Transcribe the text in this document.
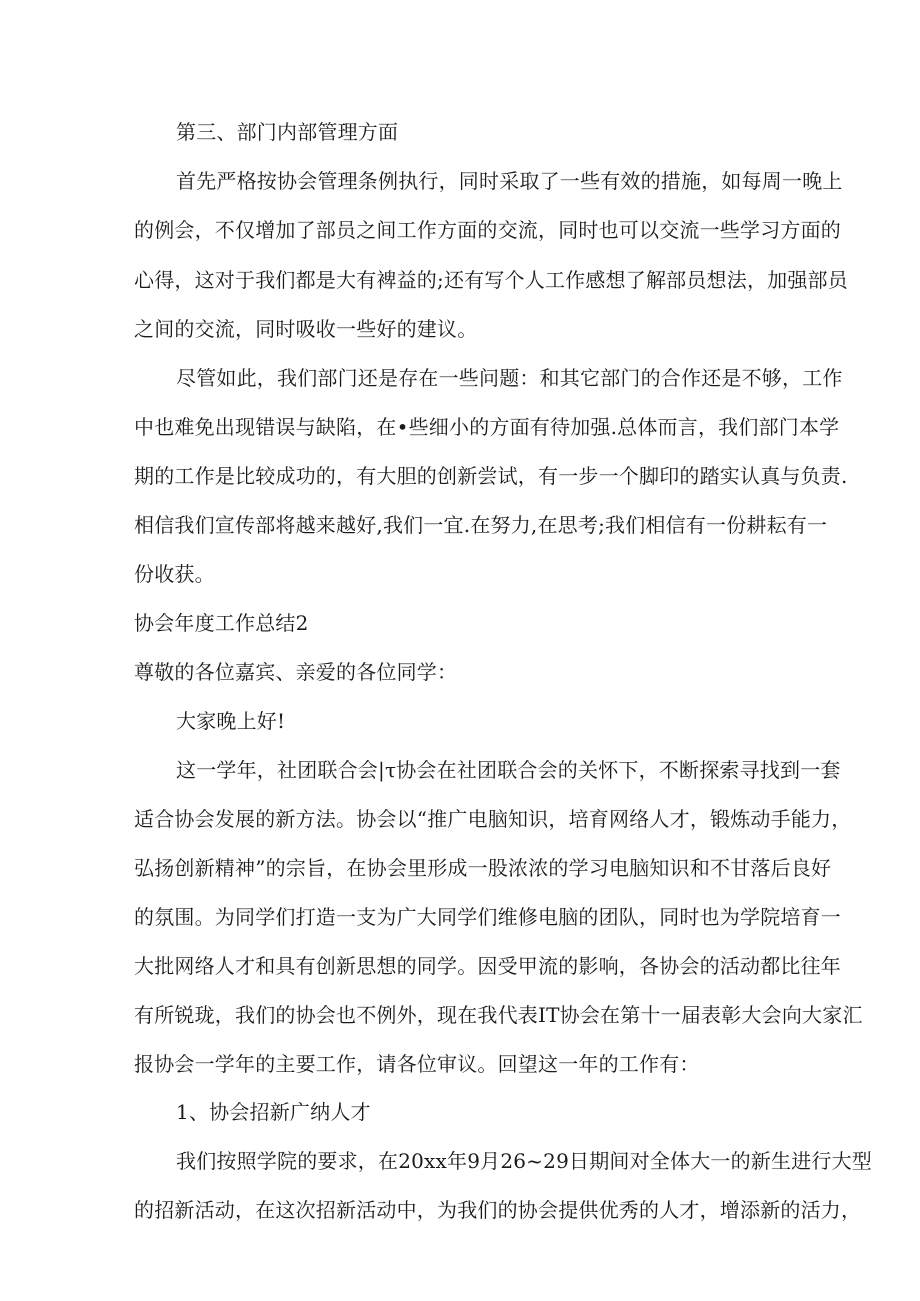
第三、部门内部管理方面
首先严格按协会管理条例执行，同时采取了一些有效的措施，如每周一晚上
的例会，不仅增加了部员之间工作方面的交流，同时也可以交流一些学习方面的
心得，这对于我们都是大有裨益的;还有写个人工作感想了解部员想法，加强部员
之间的交流，同时吸收一些好的建议。
尽管如此，我们部门还是存在一些问题：和其它部门的合作还是不够，工作
中也难免出现错误与缺陷，在•些细小的方面有待加强.总体而言，我们部门本学
期的工作是比较成功的，有大胆的创新尝试，有一步一个脚印的踏实认真与负责.
相信我们宣传部将越来越好,我们一宜.在努力,在思考;我们相信有一份耕耘有一
份收获。
协会年度工作总结2
尊敬的各位嘉宾、亲爱的各位同学：
大家晚上好!
这一学年，社团联合会|τ协会在社团联合会的关怀下，不断探索寻找到一套
适合协会发展的新方法。协会以“推广电脑知识，培育网络人才，锻炼动手能力，
弘扬创新精神”的宗旨，在协会里形成一股浓浓的学习电脑知识和不甘落后良好
的氛围。为同学们打造一支为广大同学们维修电脑的团队，同时也为学院培育一
大批网络人才和具有创新思想的同学。因受甲流的影响，各协会的活动都比往年
有所锐珑，我们的协会也不例外，现在我代表IT协会在第十一届表彰大会向大家汇
报协会一学年的主要工作，请各位审议。回望这一年的工作有：
1、协会招新广纳人才
我们按照学院的要求，在20xx年9月26~29日期间对全体大一的新生进行大型
的招新活动，在这次招新活动中，为我们的协会提供优秀的人才，增添新的活力，
